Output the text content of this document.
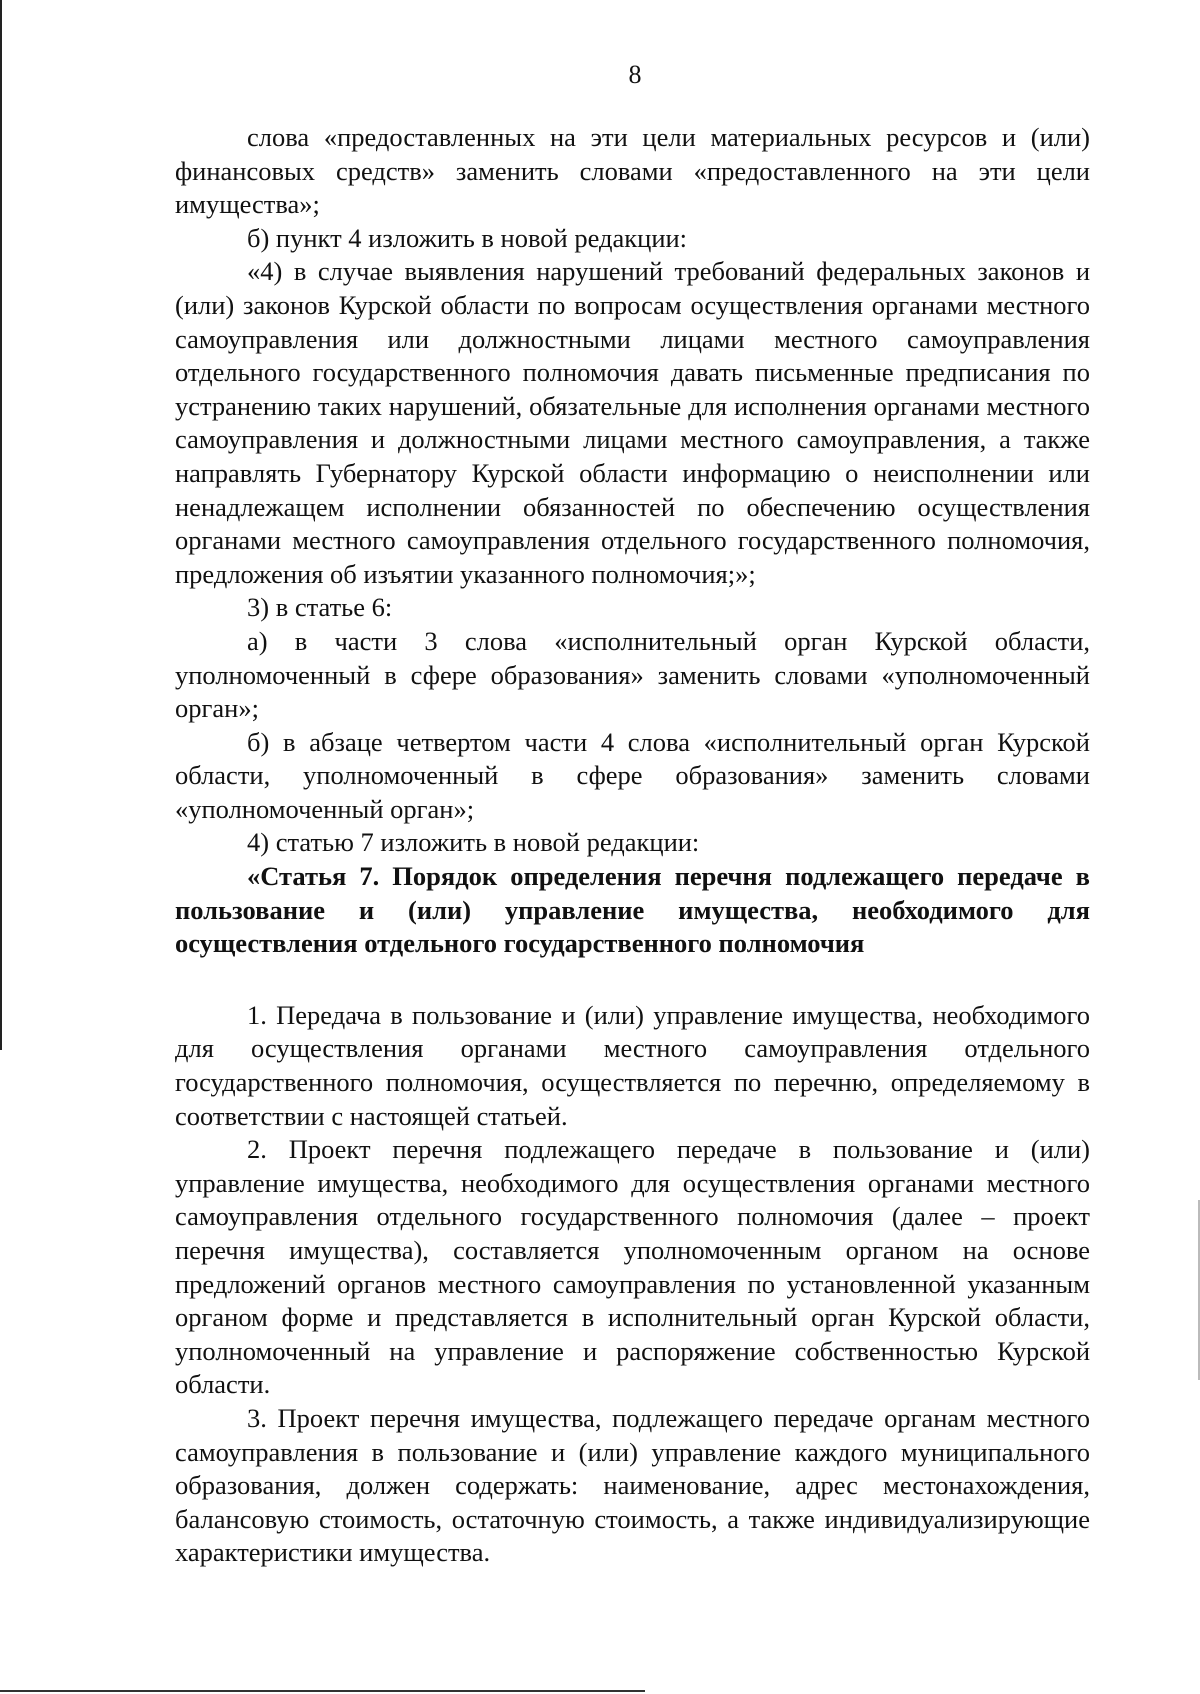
8

слова «предоставленных на эти цели материальных ресурсов и (или) финансовых средств» заменить словами «предоставленного на эти цели имущества»;

б) пункт 4 изложить в новой редакции:

«4) в случае выявления нарушений требований федеральных законов и (или) законов Курской области по вопросам осуществления органами местного самоуправления или должностными лицами местного самоуправления отдельного государственного полномочия давать письменные предписания по устранению таких нарушений, обязательные для исполнения органами местного самоуправления и должностными лицами местного самоуправления, а также направлять Губернатору Курской области информацию о неисполнении или ненадлежащем исполнении обязанностей по обеспечению осуществления органами местного самоуправления отдельного государственного полномочия, предложения об изъятии указанного полномочия;»;

3) в статье 6:

а) в части 3 слова «исполнительный орган Курской области, уполномоченный в сфере образования» заменить словами «уполномоченный орган»;

б) в абзаце четвертом части 4 слова «исполнительный орган Курской области, уполномоченный в сфере образования» заменить словами «уполномоченный орган»;

4) статью 7 изложить в новой редакции:

«Статья 7. Порядок определения перечня подлежащего передаче в пользование и (или) управление имущества, необходимого для осуществления отдельного государственного полномочия

1. Передача в пользование и (или) управление имущества, необходимого для осуществления органами местного самоуправления отдельного государственного полномочия, осуществляется по перечню, определяемому в соответствии с настоящей статьей.

2. Проект перечня подлежащего передаче в пользование и (или) управление имущества, необходимого для осуществления органами местного самоуправления отдельного государственного полномочия (далее – проект перечня имущества), составляется уполномоченным органом на основе предложений органов местного самоуправления по установленной указанным органом форме и представляется в исполнительный орган Курской области, уполномоченный на управление и распоряжение собственностью Курской области.

3. Проект перечня имущества, подлежащего передаче органам местного самоуправления в пользование и (или) управление каждого муниципального образования, должен содержать: наименование, адрес местонахождения, балансовую стоимость, остаточную стоимость, а также индивидуализирующие характеристики имущества.
